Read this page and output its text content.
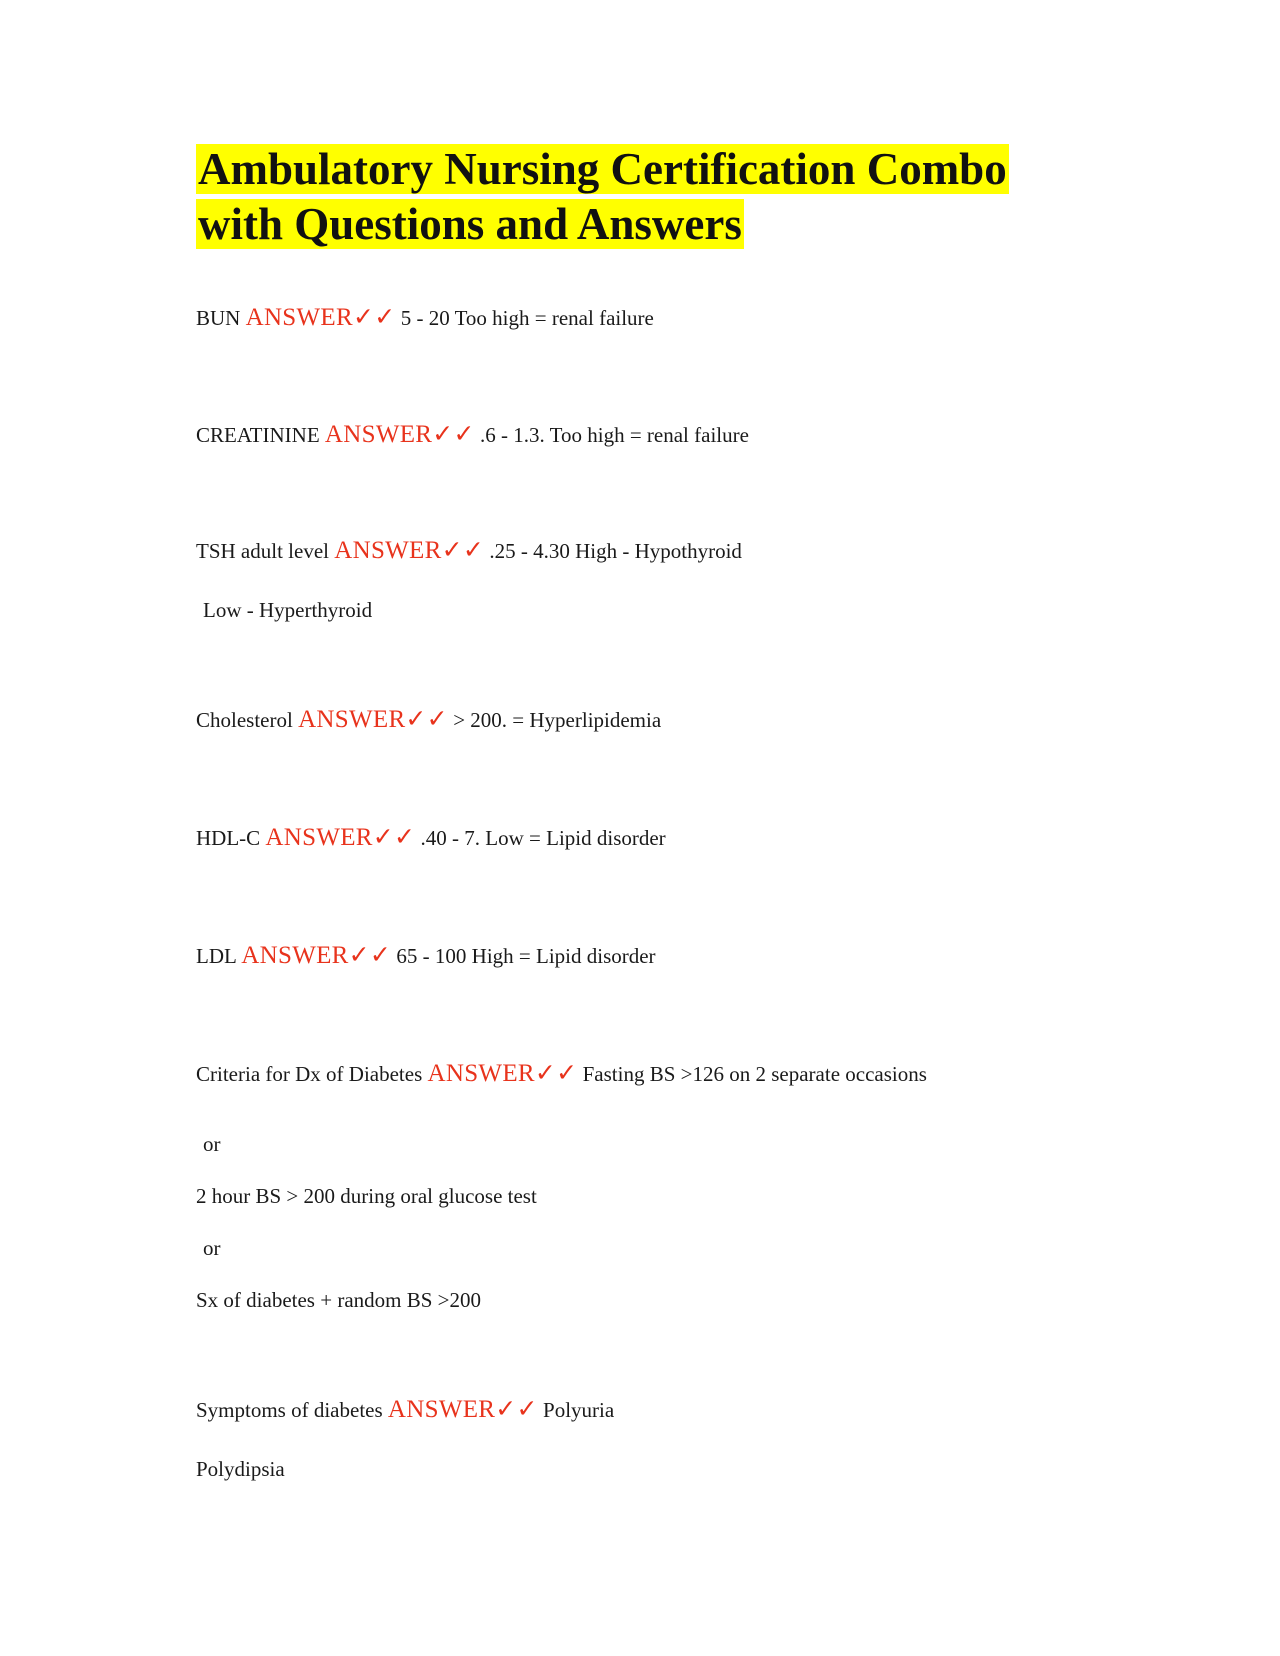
Ambulatory Nursing Certification Combo
with Questions and Answers

BUN ANSWER✓✓ 5 - 20 Too high = renal failure

CREATININE ANSWER✓✓ .6 - 1.3. Too high = renal failure

TSH adult level ANSWER✓✓ .25 - 4.30 High - Hypothyroid

Low - Hyperthyroid

Cholesterol ANSWER✓✓ > 200. = Hyperlipidemia

HDL-C ANSWER✓✓ .40 - 7. Low = Lipid disorder

LDL ANSWER✓✓ 65 - 100 High = Lipid disorder

Criteria for Dx of Diabetes ANSWER✓✓ Fasting BS >126 on 2 separate occasions

or

2 hour BS > 200 during oral glucose test

or

Sx of diabetes + random BS >200

Symptoms of diabetes ANSWER✓✓ Polyuria

Polydipsia
